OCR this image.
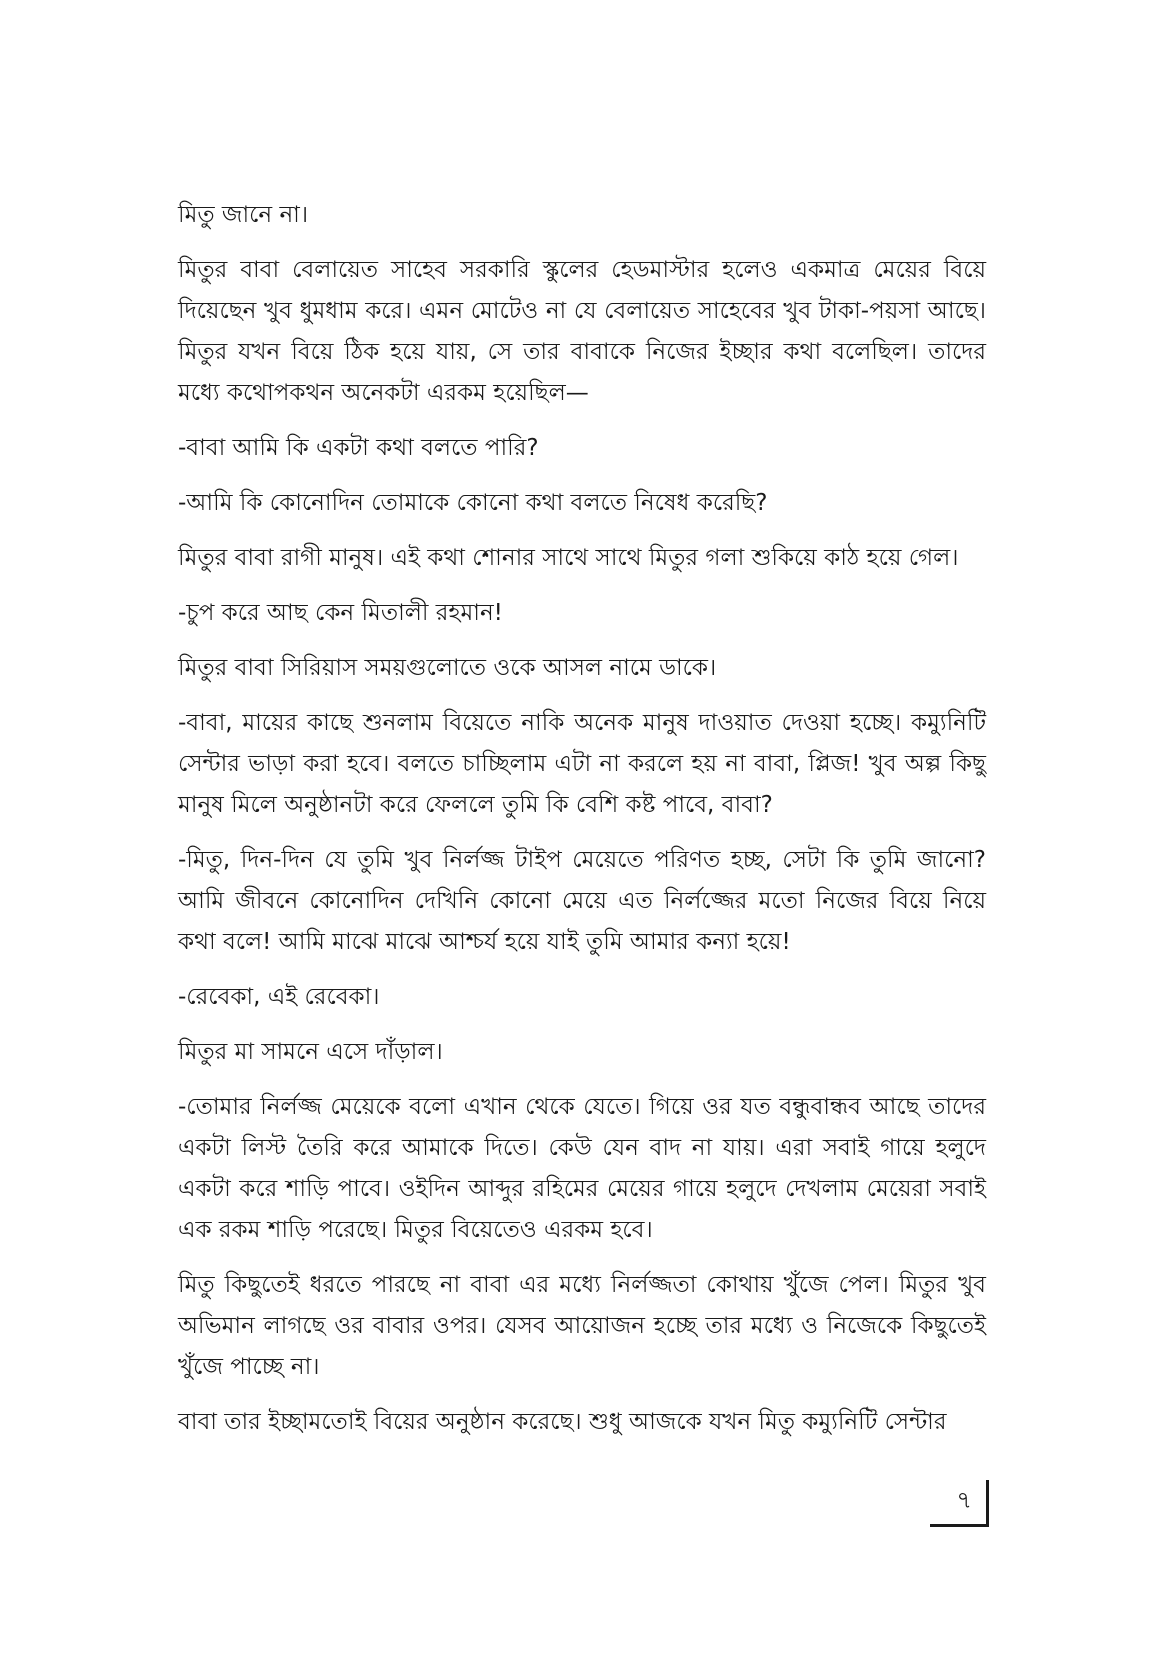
মিতু জানে না।

মিতুর বাবা বেলায়েত সাহেব সরকারি স্কুলের হেডমাস্টার হলেও একমাত্র মেয়ের বিয়ে দিয়েছেন খুব ধুমধাম করে। এমন মোটেও না যে বেলায়েত সাহেবের খুব টাকা-পয়সা আছে। মিতুর যখন বিয়ে ঠিক হয়ে যায়, সে তার বাবাকে নিজের ইচ্ছার কথা বলেছিল। তাদের মধ্যে কথোপকথন অনেকটা এরকম হয়েছিল—

-বাবা আমি কি একটা কথা বলতে পারি?

-আমি কি কোনোদিন তোমাকে কোনো কথা বলতে নিষেধ করেছি?

মিতুর বাবা রাগী মানুষ। এই কথা শোনার সাথে সাথে মিতুর গলা শুকিয়ে কাঠ হয়ে গেল।

-চুপ করে আছ কেন মিতালী রহমান!

মিতুর বাবা সিরিয়াস সময়গুলোতে ওকে আসল নামে ডাকে।

-বাবা, মায়ের কাছে শুনলাম বিয়েতে নাকি অনেক মানুষ দাওয়াত দেওয়া হচ্ছে। কম্যুনিটি সেন্টার ভাড়া করা হবে। বলতে চাচ্ছিলাম এটা না করলে হয় না বাবা, প্লিজ! খুব অল্প কিছু মানুষ মিলে অনুষ্ঠানটা করে ফেললে তুমি কি বেশি কষ্ট পাবে, বাবা?

-মিতু, দিন-দিন যে তুমি খুব নির্লজ্জ টাইপ মেয়েতে পরিণত হচ্ছ, সেটা কি তুমি জানো? আমি জীবনে কোনোদিন দেখিনি কোনো মেয়ে এত নির্লজ্জের মতো নিজের বিয়ে নিয়ে কথা বলে! আমি মাঝে মাঝে আশ্চর্য হয়ে যাই তুমি আমার কন্যা হয়ে!

-রেবেকা, এই রেবেকা।

মিতুর মা সামনে এসে দাঁড়াল।

-তোমার নির্লজ্জ মেয়েকে বলো এখান থেকে যেতে। গিয়ে ওর যত বন্ধুবান্ধব আছে তাদের একটা লিস্ট তৈরি করে আমাকে দিতে। কেউ যেন বাদ না যায়। এরা সবাই গায়ে হলুদে একটা করে শাড়ি পাবে। ওইদিন আব্দুর রহিমের মেয়ের গায়ে হলুদে দেখলাম মেয়েরা সবাই এক রকম শাড়ি পরেছে। মিতুর বিয়েতেও এরকম হবে।

মিতু কিছুতেই ধরতে পারছে না বাবা এর মধ্যে নির্লজ্জতা কোথায় খুঁজে পেল। মিতুর খুব অভিমান লাগছে ওর বাবার ওপর। যেসব আয়োজন হচ্ছে তার মধ্যে ও নিজেকে কিছুতেই খুঁজে পাচ্ছে না।

বাবা তার ইচ্ছামতোই বিয়ের অনুষ্ঠান করেছে। শুধু আজকে যখন মিতু কম্যুনিটি সেন্টার

৭
